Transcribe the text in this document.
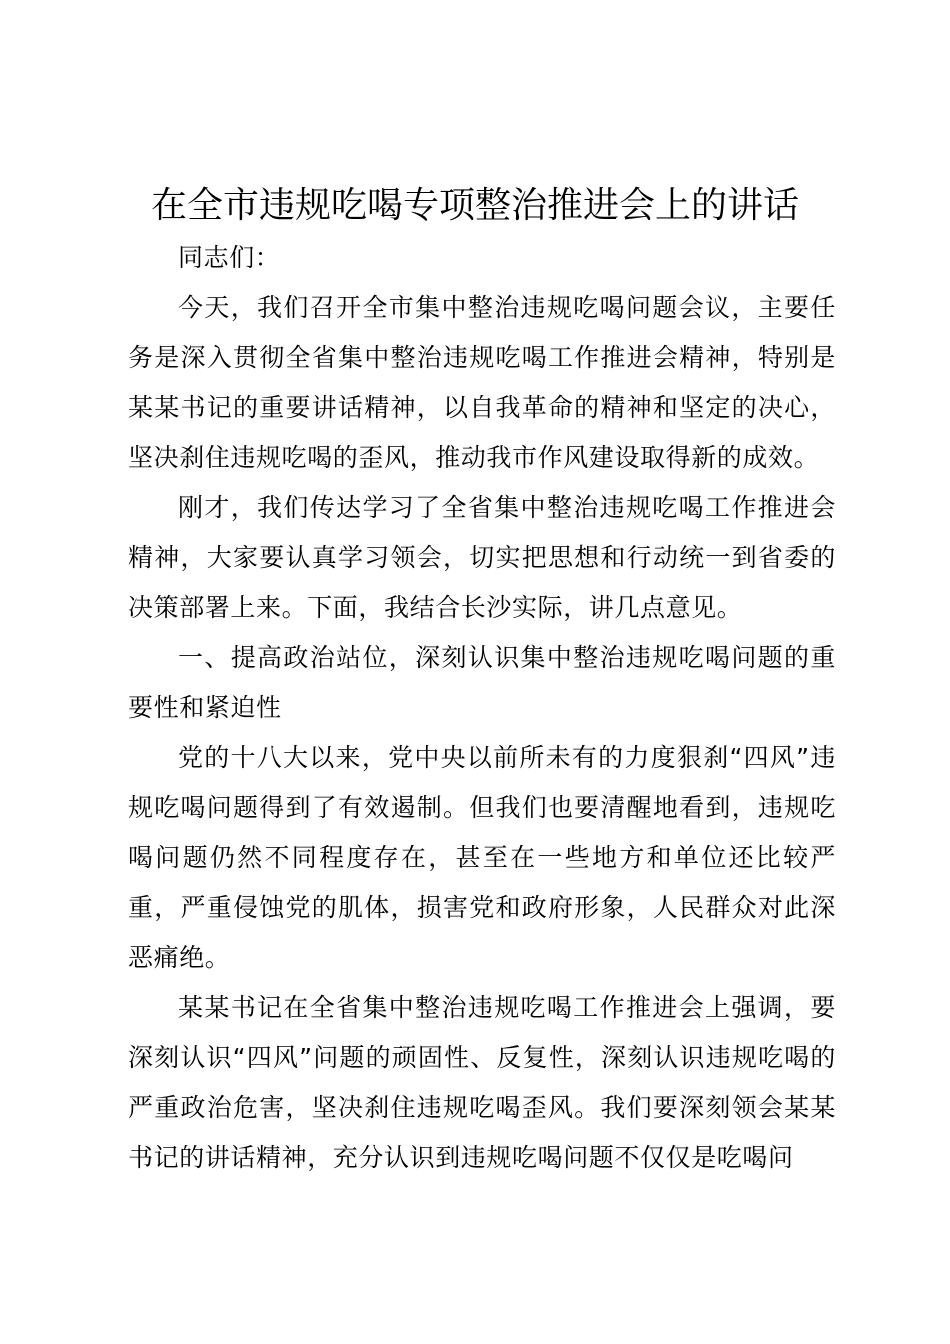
在全市违规吃喝专项整治推进会上的讲话

同志们：

今天，我们召开全市集中整治违规吃喝问题会议，主要任务是深入贯彻全省集中整治违规吃喝工作推进会精神，特别是某某书记的重要讲话精神，以自我革命的精神和坚定的决心，坚决刹住违规吃喝的歪风，推动我市作风建设取得新的成效。

刚才，我们传达学习了全省集中整治违规吃喝工作推进会精神，大家要认真学习领会，切实把思想和行动统一到省委的决策部署上来。下面，我结合长沙实际，讲几点意见。

一、提高政治站位，深刻认识集中整治违规吃喝问题的重要性和紧迫性

党的十八大以来，党中央以前所未有的力度狠刹“四风”违规吃喝问题得到了有效遏制。但我们也要清醒地看到，违规吃喝问题仍然不同程度存在，甚至在一些地方和单位还比较严重，严重侵蚀党的肌体，损害党和政府形象，人民群众对此深恶痛绝。

某某书记在全省集中整治违规吃喝工作推进会上强调，要深刻认识“四风”问题的顽固性、反复性，深刻认识违规吃喝的严重政治危害，坚决刹住违规吃喝歪风。我们要深刻领会某某书记的讲话精神，充分认识到违规吃喝问题不仅仅是吃喝问
